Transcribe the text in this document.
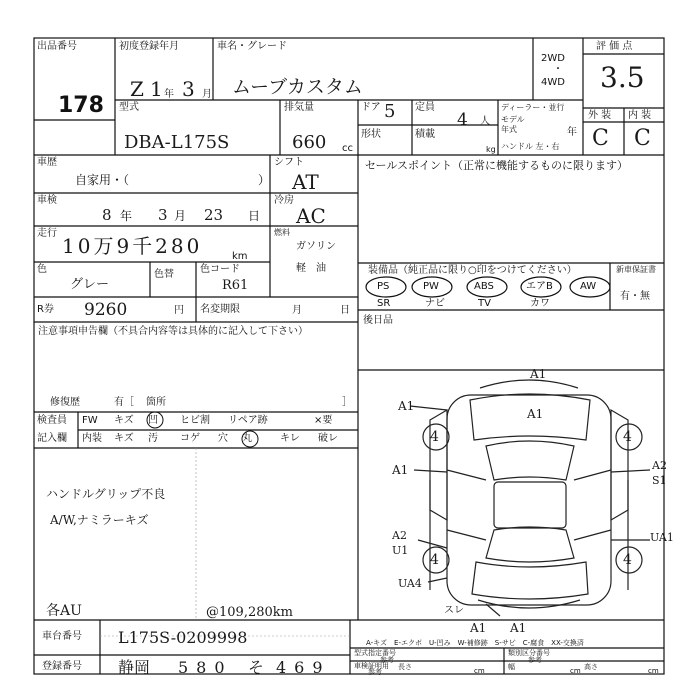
出品番号
178
初度登録年月
Z 1 年 3 月
車名・グレード
ムーブカスタム
2WD
・
4WD
評 価 点
3.5
外 装 内 装
C C
型式
DBA-L175S
排気量
660 cc
ドア 5 定員
4 人
形状	積載
kg
ディーラー・並行
モデル
年式	年
ハンドル 左・右
車歴
自家用・（	）
シフト
AT
車検
8 年 3 月 23 日
冷房
AC
走行
10万9千280	km
燃料
ガソリン
軽　油
色
グレー
色替	色コード
R61
R券 9260	円 名変期限	月	日
セールスポイント（正常に機能するものに限ります）
装備品（純正品に限り○印をつけてください）	新車保証書
有・無
PS	PW	ABS	エアB	AW
SR	ナビ	TV	カワ
注意事項申告欄（不具合内容等は具体的に記入して下さい）
修復歴	有［ 箇所	］
後日品
検査員
記入欄
FW キズ 凹 ヒビ割 リペア跡	×要
内装 キズ 汚 コゲ 穴 丸	キレ 破レ
ハンドルグリップ不良
A/W,ナミラーキズ
各AU	@109,280km
A1
A1
A1
A1	A2
S1
A2
U1
UA1
UA4
スレ
A1 A1
4	4
4	4
A-キズ　E-エクボ　U-凹み　W-補修跡　S-サビ　C-腐食　XX-交換済
車台番号 L175S-0209998
登録番号 静岡 580 そ 469
型式指定番号
参考
類別区分番号
参考
車検証明用
参考
長さ	cm	幅	cm 高さ	cm
